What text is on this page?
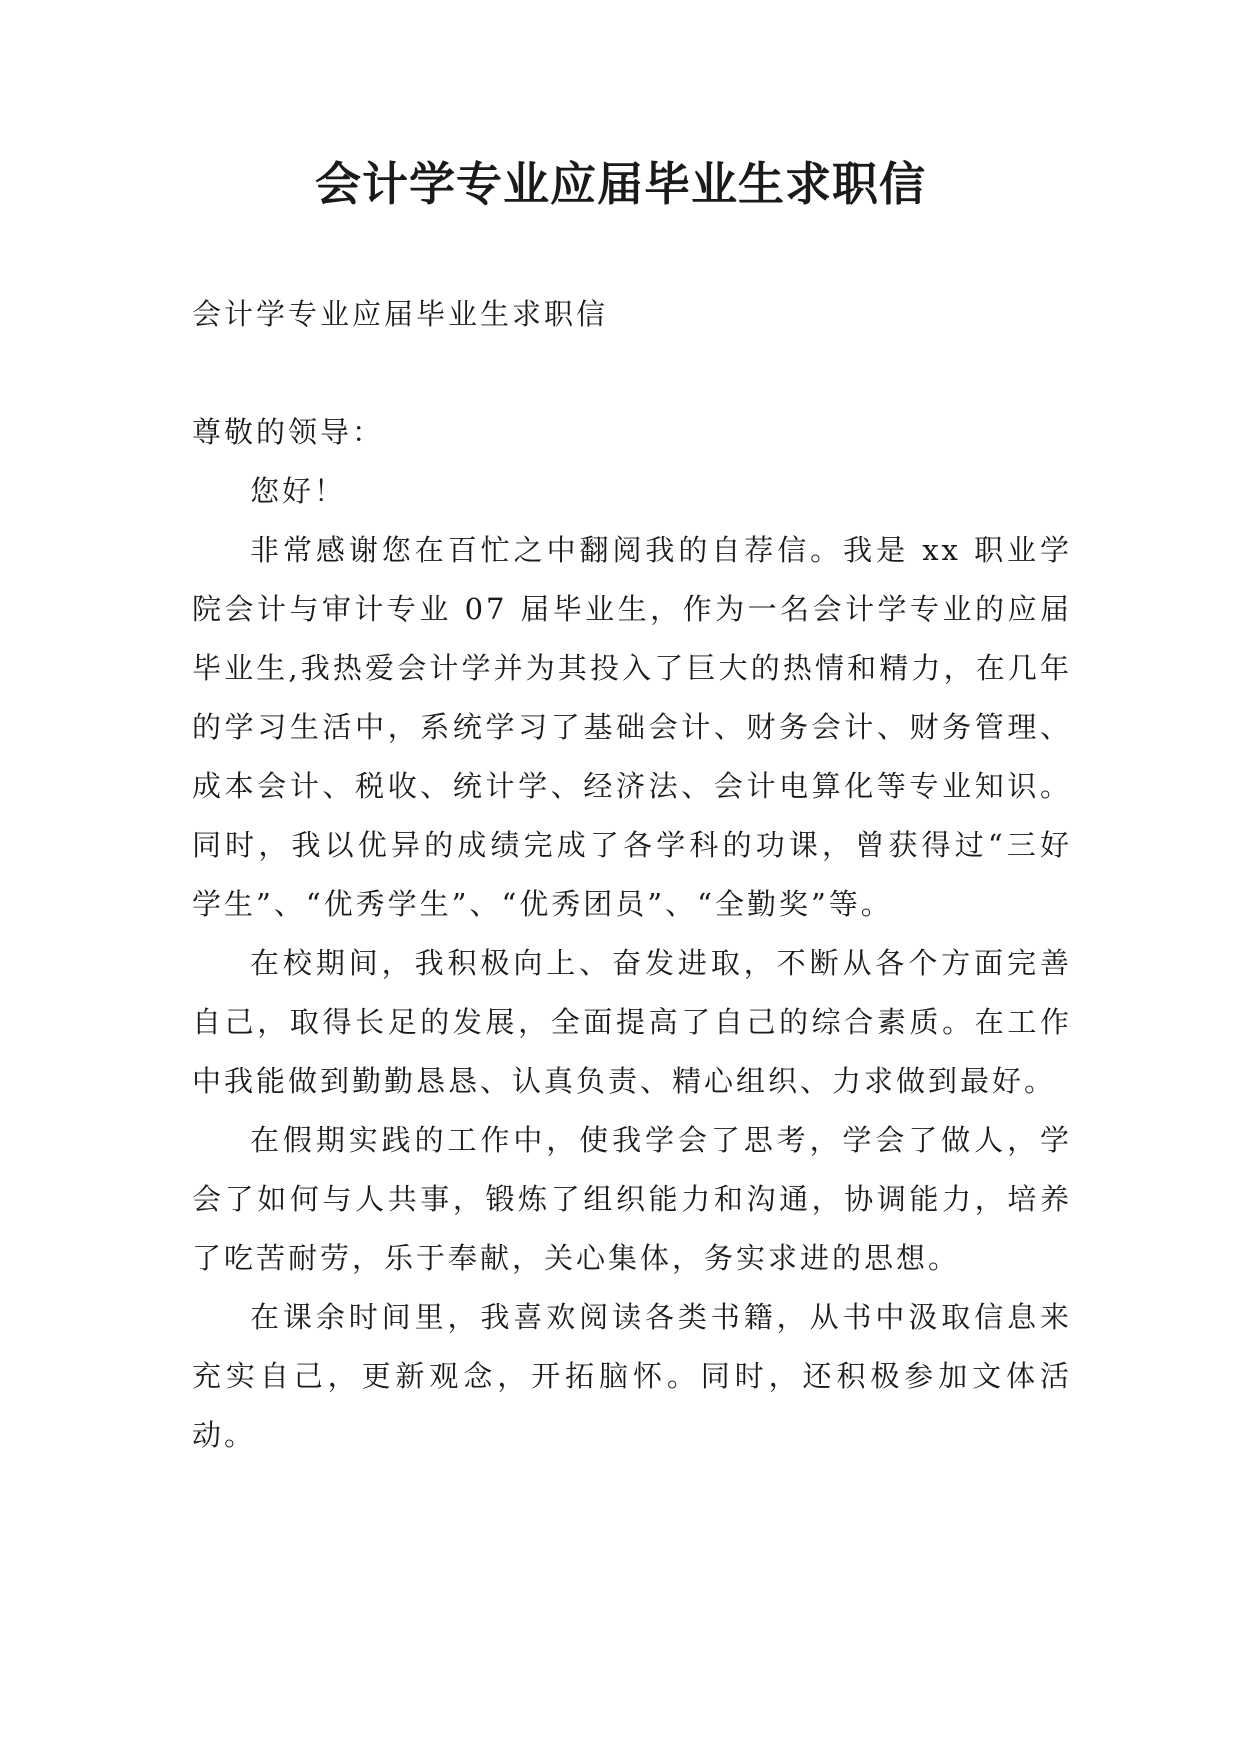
会计学专业应届毕业生求职信

会计学专业应届毕业生求职信

尊敬的领导：

您好！

非常感谢您在百忙之中翻阅我的自荐信。我是 xx 职业学院会计与审计专业 07 届毕业生，作为一名会计学专业的应届毕业生,我热爱会计学并为其投入了巨大的热情和精力，在几年的学习生活中，系统学习了基础会计、财务会计、财务管理、成本会计、税收、统计学、经济法、会计电算化等专业知识。同时，我以优异的成绩完成了各学科的功课，曾获得过“三好学生”、“优秀学生”、“优秀团员”、“全勤奖”等。

在校期间，我积极向上、奋发进取，不断从各个方面完善自己，取得长足的发展，全面提高了自己的综合素质。在工作中我能做到勤勤恳恳、认真负责、精心组织、力求做到最好。

在假期实践的工作中，使我学会了思考，学会了做人，学会了如何与人共事，锻炼了组织能力和沟通，协调能力，培养了吃苦耐劳，乐于奉献，关心集体，务实求进的思想。

在课余时间里，我喜欢阅读各类书籍，从书中汲取信息来充实自己，更新观念，开拓脑怀。同时，还积极参加文体活动。
